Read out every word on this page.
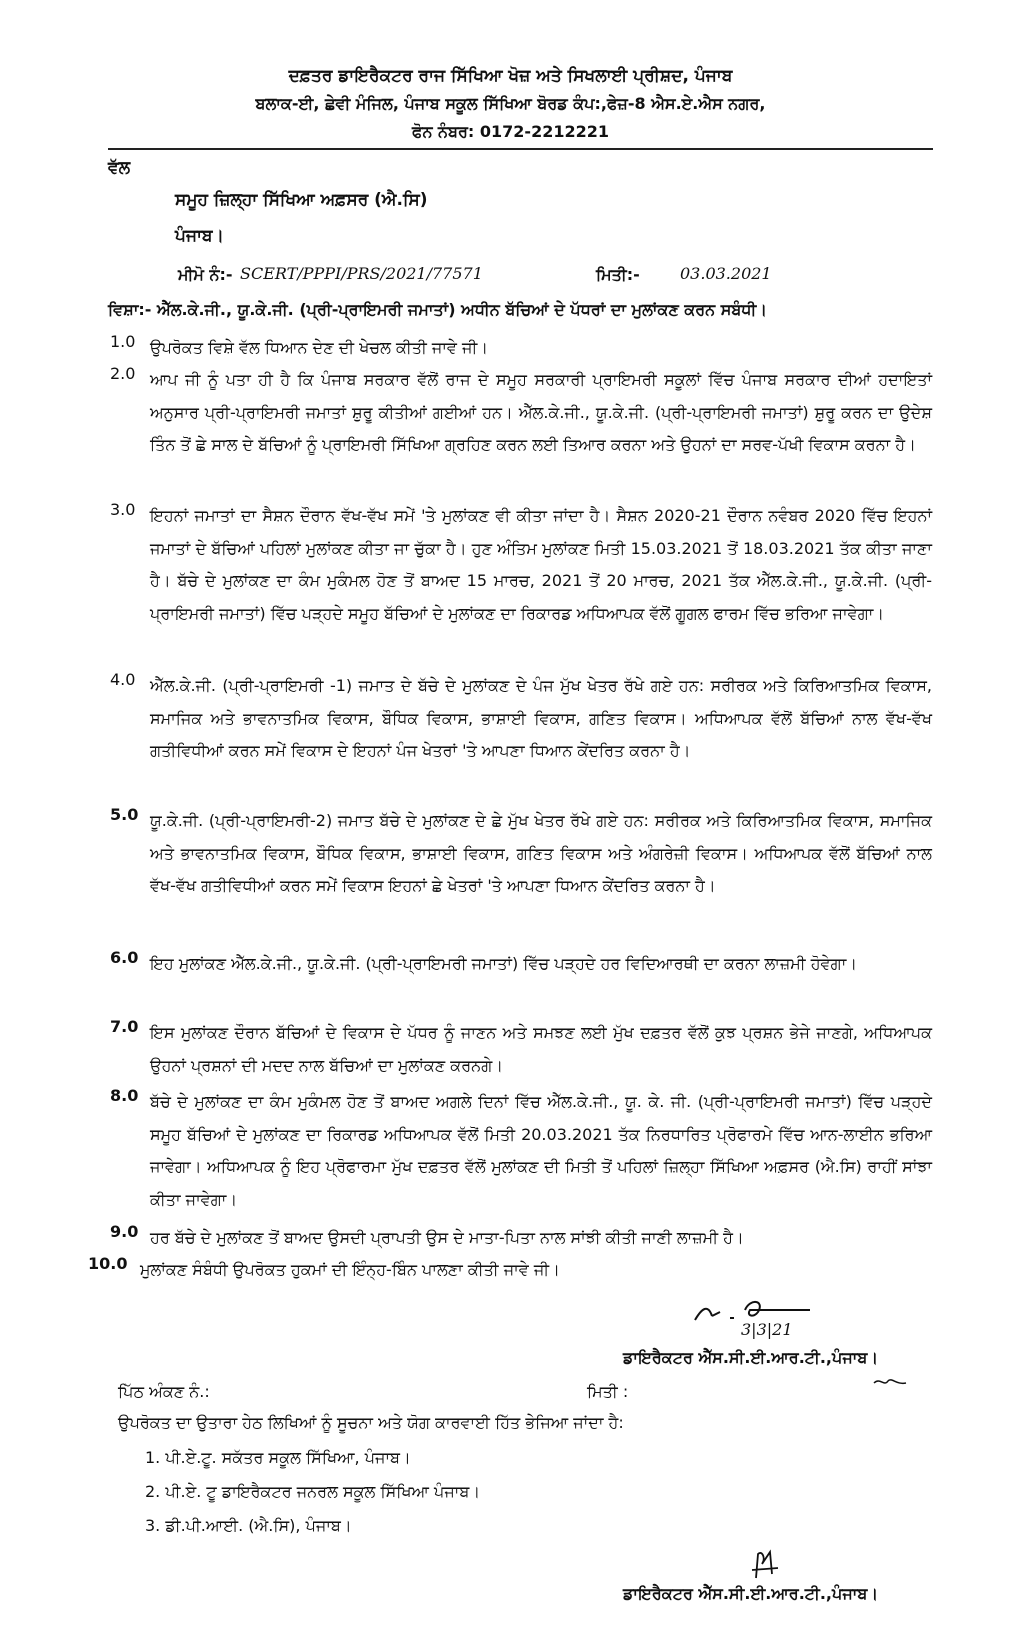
ਦਫ਼ਤਰ ਡਾਇਰੈਕਟਰ ਰਾਜ ਸਿੱਖਿਆ ਖੋਜ਼ ਅਤੇ ਸਿਖਲਾਈ ਪ੍ਰੀਸ਼ਦ, ਪੰਜਾਬ
ਬਲਾਕ-ਈ, ਛੇਵੀ ਮੰਜਿਲ, ਪੰਜਾਬ ਸਕੂਲ ਸਿੱਖਿਆ ਬੋਰਡ ਕੰਪ:,ਫੇਜ਼-8 ਐਸ.ਏ.ਐਸ ਨਗਰ,
ਫੋਨ ਨੰਬਰ: 0172-2212221
ਵੱਲ
ਸਮੂਹ ਜ਼ਿਲ੍ਹਾ ਸਿੱਖਿਆ ਅਫ਼ਸਰ (ਐ.ਸਿ)
ਪੰਜਾਬ।
ਮੀਮੋ ਨੰ:- SCERT/PPPI/PRS/2021/77571	ਮਿਤੀ:-	03.03.2021
ਵਿਸ਼ਾ:- ਐੱਲ.ਕੇ.ਜੀ., ਯੂ.ਕੇ.ਜੀ. (ਪ੍ਰੀ-ਪ੍ਰਾਇਮਰੀ ਜਮਾਤਾਂ) ਅਧੀਨ ਬੱਚਿਆਂ ਦੇ ਪੱਧਰਾਂ ਦਾ ਮੁਲਾਂਕਣ ਕਰਨ ਸਬੰਧੀ।
1.0 ਉਪਰੋਕਤ ਵਿਸ਼ੇ ਵੱਲ ਧਿਆਨ ਦੇਣ ਦੀ ਖੇਚਲ ਕੀਤੀ ਜਾਵੇ ਜੀ।
2.0 ਆਪ ਜੀ ਨੂੰ ਪਤਾ ਹੀ ਹੈ ਕਿ ਪੰਜਾਬ ਸਰਕਾਰ ਵੱਲੋਂ ਰਾਜ ਦੇ ਸਮੂਹ ਸਰਕਾਰੀ ਪ੍ਰਾਇਮਰੀ ਸਕੂਲਾਂ ਵਿੱਚ ਪੰਜਾਬ ਸਰਕਾਰ ਦੀਆਂ ਹਦਾਇਤਾਂ ਅਨੁਸਾਰ ਪ੍ਰੀ-ਪ੍ਰਾਇਮਰੀ ਜਮਾਤਾਂ ਸ਼ੁਰੂ ਕੀਤੀਆਂ ਗਈਆਂ ਹਨ। ਐੱਲ.ਕੇ.ਜੀ., ਯੂ.ਕੇ.ਜੀ. (ਪ੍ਰੀ-ਪ੍ਰਾਇਮਰੀ ਜਮਾਤਾਂ) ਸ਼ੁਰੂ ਕਰਨ ਦਾ ਉਦੇਸ਼ ਤਿੰਨ ਤੋਂ ਛੇ ਸਾਲ ਦੇ ਬੱਚਿਆਂ ਨੂੰ ਪ੍ਰਾਇਮਰੀ ਸਿੱਖਿਆ ਗ੍ਰਹਿਣ ਕਰਨ ਲਈ ਤਿਆਰ ਕਰਨਾ ਅਤੇ ਉਹਨਾਂ ਦਾ ਸਰਵ-ਪੱਖੀ ਵਿਕਾਸ ਕਰਨਾ ਹੈ।
3.0 ਇਹਨਾਂ ਜਮਾਤਾਂ ਦਾ ਸੈਸ਼ਨ ਦੌਰਾਨ ਵੱਖ-ਵੱਖ ਸਮੇਂ 'ਤੇ ਮੁਲਾਂਕਣ ਵੀ ਕੀਤਾ ਜਾਂਦਾ ਹੈ। ਸੈਸ਼ਨ 2020-21 ਦੌਰਾਨ ਨਵੰਬਰ 2020 ਵਿੱਚ ਇਹਨਾਂ ਜਮਾਤਾਂ ਦੇ ਬੱਚਿਆਂ ਪਹਿਲਾਂ ਮੁਲਾਂਕਣ ਕੀਤਾ ਜਾ ਚੁੱਕਾ ਹੈ। ਹੁਣ ਅੰਤਿਮ ਮੁਲਾਂਕਣ ਮਿਤੀ 15.03.2021 ਤੋਂ 18.03.2021 ਤੱਕ ਕੀਤਾ ਜਾਣਾ ਹੈ। ਬੱਚੇ ਦੇ ਮੁਲਾਂਕਣ ਦਾ ਕੰਮ ਮੁਕੰਮਲ ਹੋਣ ਤੋਂ ਬਾਅਦ 15 ਮਾਰਚ, 2021 ਤੋਂ 20 ਮਾਰਚ, 2021 ਤੱਕ ਐੱਲ.ਕੇ.ਜੀ., ਯੂ.ਕੇ.ਜੀ. (ਪ੍ਰੀ-ਪ੍ਰਾਇਮਰੀ ਜਮਾਤਾਂ) ਵਿੱਚ ਪੜ੍ਹਦੇ ਸਮੂਹ ਬੱਚਿਆਂ ਦੇ ਮੁਲਾਂਕਣ ਦਾ ਰਿਕਾਰਡ ਅਧਿਆਪਕ ਵੱਲੋਂ ਗੂਗਲ ਫਾਰਮ ਵਿੱਚ ਭਰਿਆ ਜਾਵੇਗਾ।
4.0 ਐੱਲ.ਕੇ.ਜੀ. (ਪ੍ਰੀ-ਪ੍ਰਾਇਮਰੀ -1) ਜਮਾਤ ਦੇ ਬੱਚੇ ਦੇ ਮੁਲਾਂਕਣ ਦੇ ਪੰਜ ਮੁੱਖ ਖੇਤਰ ਰੱਖੇ ਗਏ ਹਨ: ਸਰੀਰਕ ਅਤੇ ਕਿਰਿਆਤਮਿਕ ਵਿਕਾਸ, ਸਮਾਜਿਕ ਅਤੇ ਭਾਵਨਾਤਮਿਕ ਵਿਕਾਸ, ਬੌਧਿਕ ਵਿਕਾਸ, ਭਾਸ਼ਾਈ ਵਿਕਾਸ, ਗਣਿਤ ਵਿਕਾਸ। ਅਧਿਆਪਕ ਵੱਲੋਂ ਬੱਚਿਆਂ ਨਾਲ ਵੱਖ-ਵੱਖ ਗਤੀਵਿਧੀਆਂ ਕਰਨ ਸਮੇਂ ਵਿਕਾਸ ਦੇ ਇਹਨਾਂ ਪੰਜ ਖੇਤਰਾਂ 'ਤੇ ਆਪਣਾ ਧਿਆਨ ਕੇਂਦਰਿਤ ਕਰਨਾ ਹੈ।
5.0 ਯੂ.ਕੇ.ਜੀ. (ਪ੍ਰੀ-ਪ੍ਰਾਇਮਰੀ-2) ਜਮਾਤ ਬੱਚੇ ਦੇ ਮੁਲਾਂਕਣ ਦੇ ਛੇ ਮੁੱਖ ਖੇਤਰ ਰੱਖੇ ਗਏ ਹਨ: ਸਰੀਰਕ ਅਤੇ ਕਿਰਿਆਤਮਿਕ ਵਿਕਾਸ, ਸਮਾਜਿਕ ਅਤੇ ਭਾਵਨਾਤਮਿਕ ਵਿਕਾਸ, ਬੌਧਿਕ ਵਿਕਾਸ, ਭਾਸ਼ਾਈ ਵਿਕਾਸ, ਗਣਿਤ ਵਿਕਾਸ ਅਤੇ ਅੰਗਰੇਜ਼ੀ ਵਿਕਾਸ। ਅਧਿਆਪਕ ਵੱਲੋਂ ਬੱਚਿਆਂ ਨਾਲ ਵੱਖ-ਵੱਖ ਗਤੀਵਿਧੀਆਂ ਕਰਨ ਸਮੇਂ ਵਿਕਾਸ ਇਹਨਾਂ ਛੇ ਖੇਤਰਾਂ 'ਤੇ ਆਪਣਾ ਧਿਆਨ ਕੇਂਦਰਿਤ ਕਰਨਾ ਹੈ।
6.0 ਇਹ ਮੁਲਾਂਕਣ ਐੱਲ.ਕੇ.ਜੀ., ਯੂ.ਕੇ.ਜੀ. (ਪ੍ਰੀ-ਪ੍ਰਾਇਮਰੀ ਜਮਾਤਾਂ) ਵਿੱਚ ਪੜ੍ਹਦੇ ਹਰ ਵਿਦਿਆਰਥੀ ਦਾ ਕਰਨਾ ਲਾਜ਼ਮੀ ਹੋਵੇਗਾ।
7.0 ਇਸ ਮੁਲਾਂਕਣ ਦੌਰਾਨ ਬੱਚਿਆਂ ਦੇ ਵਿਕਾਸ ਦੇ ਪੱਧਰ ਨੂੰ ਜਾਣਨ ਅਤੇ ਸਮਝਣ ਲਈ ਮੁੱਖ ਦਫ਼ਤਰ ਵੱਲੋਂ ਕੁਝ ਪ੍ਰਸ਼ਨ ਭੇਜੇ ਜਾਣਗੇ, ਅਧਿਆਪਕ ਉਹਨਾਂ ਪ੍ਰਸ਼ਨਾਂ ਦੀ ਮਦਦ ਨਾਲ ਬੱਚਿਆਂ ਦਾ ਮੁਲਾਂਕਣ ਕਰਨਗੇ।
8.0 ਬੱਚੇ ਦੇ ਮੁਲਾਂਕਣ ਦਾ ਕੰਮ ਮੁਕੰਮਲ ਹੋਣ ਤੋਂ ਬਾਅਦ ਅਗਲੇ ਦਿਨਾਂ ਵਿੱਚ ਐੱਲ.ਕੇ.ਜੀ., ਯੂ. ਕੇ. ਜੀ. (ਪ੍ਰੀ-ਪ੍ਰਾਇਮਰੀ ਜਮਾਤਾਂ) ਵਿੱਚ ਪੜ੍ਹਦੇ ਸਮੂਹ ਬੱਚਿਆਂ ਦੇ ਮੁਲਾਂਕਣ ਦਾ ਰਿਕਾਰਡ ਅਧਿਆਪਕ ਵੱਲੋਂ ਮਿਤੀ 20.03.2021 ਤੱਕ ਨਿਰਧਾਰਿਤ ਪ੍ਰੋਫਾਰਮੇ ਵਿੱਚ ਆਨ-ਲਾਈਨ ਭਰਿਆ ਜਾਵੇਗਾ। ਅਧਿਆਪਕ ਨੂੰ ਇਹ ਪ੍ਰੋਫਾਰਮਾ ਮੁੱਖ ਦਫ਼ਤਰ ਵੱਲੋਂ ਮੁਲਾਂਕਣ ਦੀ ਮਿਤੀ ਤੋਂ ਪਹਿਲਾਂ ਜ਼ਿਲ੍ਹਾ ਸਿੱਖਿਆ ਅਫ਼ਸਰ (ਐ.ਸਿ) ਰਾਹੀਂ ਸਾਂਝਾ ਕੀਤਾ ਜਾਵੇਗਾ।
9.0 ਹਰ ਬੱਚੇ ਦੇ ਮੁਲਾਂਕਣ ਤੋਂ ਬਾਅਦ ਉਸਦੀ ਪ੍ਰਾਪਤੀ ਉਸ ਦੇ ਮਾਤਾ-ਪਿਤਾ ਨਾਲ ਸਾਂਝੀ ਕੀਤੀ ਜਾਣੀ ਲਾਜ਼ਮੀ ਹੈ।
10.0 ਮੁਲਾਂਕਣ ਸੰਬੰਧੀ ਉਪਰੋਕਤ ਹੁਕਮਾਂ ਦੀ ਇੰਨ੍ਹ-ਬਿੰਨ ਪਾਲਣਾ ਕੀਤੀ ਜਾਵੇ ਜੀ।
3|3|21
ਡਾਇਰੈਕਟਰ ਐੱਸ.ਸੀ.ਈ.ਆਰ.ਟੀ.,ਪੰਜਾਬ।
ਪਿੱਠ ਅੰਕਣ ਨੰ.:	ਮਿਤੀ :
ਉਪਰੋਕਤ ਦਾ ਉਤਾਰਾ ਹੇਠ ਲਿਖਿਆਂ ਨੂੰ ਸੂਚਨਾ ਅਤੇ ਯੋਗ ਕਾਰਵਾਈ ਹਿੱਤ ਭੇਜਿਆ ਜਾਂਦਾ ਹੈ:
1. ਪੀ.ਏ.ਟੂ. ਸਕੱਤਰ ਸਕੂਲ ਸਿੱਖਿਆ, ਪੰਜਾਬ।
2. ਪੀ.ਏ. ਟੂ ਡਾਇਰੈਕਟਰ ਜਨਰਲ ਸਕੂਲ ਸਿੱਖਿਆ ਪੰਜਾਬ।
3. ਡੀ.ਪੀ.ਆਈ. (ਐ.ਸਿ), ਪੰਜਾਬ।
ਡਾਇਰੈਕਟਰ ਐੱਸ.ਸੀ.ਈ.ਆਰ.ਟੀ.,ਪੰਜਾਬ।
